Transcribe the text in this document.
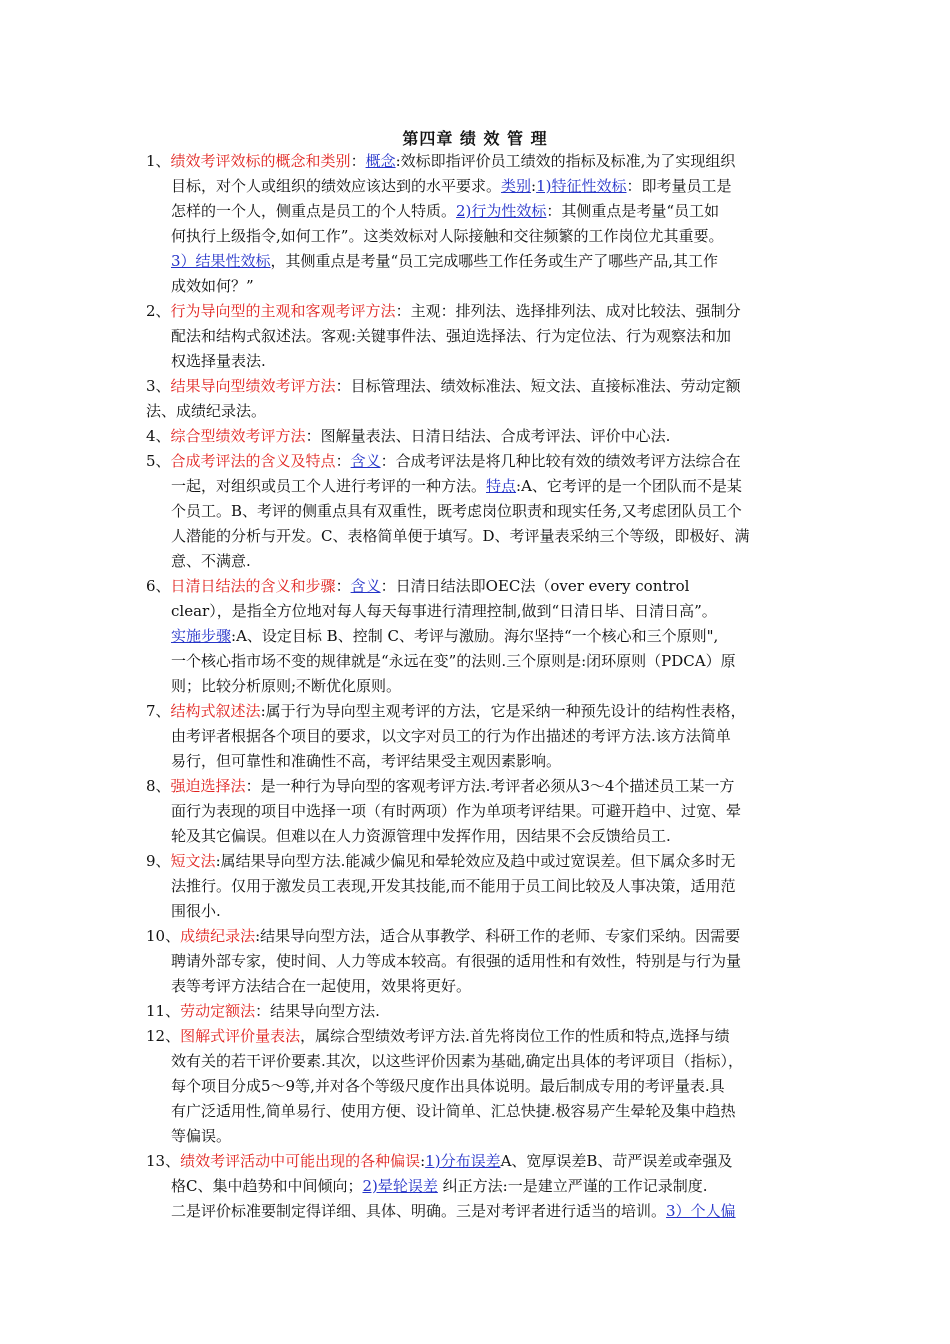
第四章 绩 效 管 理
1、绩效考评效标的概念和类别：概念:效标即指评价员工绩效的指标及标准,为了实现组织
目标，对个人或组织的绩效应该达到的水平要求。类别:1)特征性效标：即考量员工是
怎样的一个人，侧重点是员工的个人特质。2)行为性效标：其侧重点是考量“员工如
何执行上级指令,如何工作”。这类效标对人际接触和交往频繁的工作岗位尤其重要。
3）结果性效标，其侧重点是考量“员工完成哪些工作任务或生产了哪些产品,其工作
成效如何？”
2、行为导向型的主观和客观考评方法：主观：排列法、选择排列法、成对比较法、强制分
配法和结构式叙述法。客观:关键事件法、强迫选择法、行为定位法、行为观察法和加
权选择量表法.
3、结果导向型绩效考评方法：目标管理法、绩效标准法、短文法、直接标准法、劳动定额
法、成绩纪录法。
4、综合型绩效考评方法：图解量表法、日清日结法、合成考评法、评价中心法.
5、合成考评法的含义及特点：含义：合成考评法是将几种比较有效的绩效考评方法综合在
一起，对组织或员工个人进行考评的一种方法。特点:A、它考评的是一个团队而不是某
个员工。B、考评的侧重点具有双重性，既考虑岗位职责和现实任务,又考虑团队员工个
人潜能的分析与开发。C、表格简单便于填写。D、考评量表采纳三个等级，即极好、满
意、不满意.
6、日清日结法的含义和步骤：含义：日清日结法即OEC法（over every control
clear），是指全方位地对每人每天每事进行清理控制,做到“日清日毕、日清日高”。
实施步骤:A、设定目标 B、控制 C、考评与激励。海尔坚持“一个核心和三个原则",
一个核心指市场不变的规律就是“永远在变”的法则.三个原则是:闭环原则（PDCA）原
则；比较分析原则;不断优化原则。
7、结构式叙述法:属于行为导向型主观考评的方法，它是采纳一种预先设计的结构性表格，
由考评者根据各个项目的要求，以文字对员工的行为作出描述的考评方法.该方法简单
易行，但可靠性和准确性不高，考评结果受主观因素影响。
8、强迫选择法：是一种行为导向型的客观考评方法.考评者必须从3～4个描述员工某一方
面行为表现的项目中选择一项（有时两项）作为单项考评结果。可避开趋中、过宽、晕
轮及其它偏误。但难以在人力资源管理中发挥作用，因结果不会反馈给员工.
9、短文法:属结果导向型方法.能减少偏见和晕轮效应及趋中或过宽误差。但下属众多时无
法推行。仅用于激发员工表现,开发其技能,而不能用于员工间比较及人事决策，适用范
围很小.
10、成绩纪录法:结果导向型方法，适合从事教学、科研工作的老师、专家们采纳。因需要
聘请外部专家，使时间、人力等成本较高。有很强的适用性和有效性，特别是与行为量
表等考评方法结合在一起使用，效果将更好。
11、劳动定额法：结果导向型方法.
12、图解式评价量表法，属综合型绩效考评方法.首先将岗位工作的性质和特点,选择与绩
效有关的若干评价要素.其次，以这些评价因素为基础,确定出具体的考评项目（指标），
每个项目分成5～9等,并对各个等级尺度作出具体说明。最后制成专用的考评量表.具
有广泛适用性,简单易行、使用方便、设计简单、汇总快捷.极容易产生晕轮及集中趋热
等偏误。
13、绩效考评活动中可能出现的各种偏误:1)分布误差A、宽厚误差B、苛严误差或牵强及
格C、集中趋势和中间倾向；2)晕轮误差 纠正方法:一是建立严谨的工作记录制度.
二是评价标准要制定得详细、具体、明确。三是对考评者进行适当的培训。3）个人偏
